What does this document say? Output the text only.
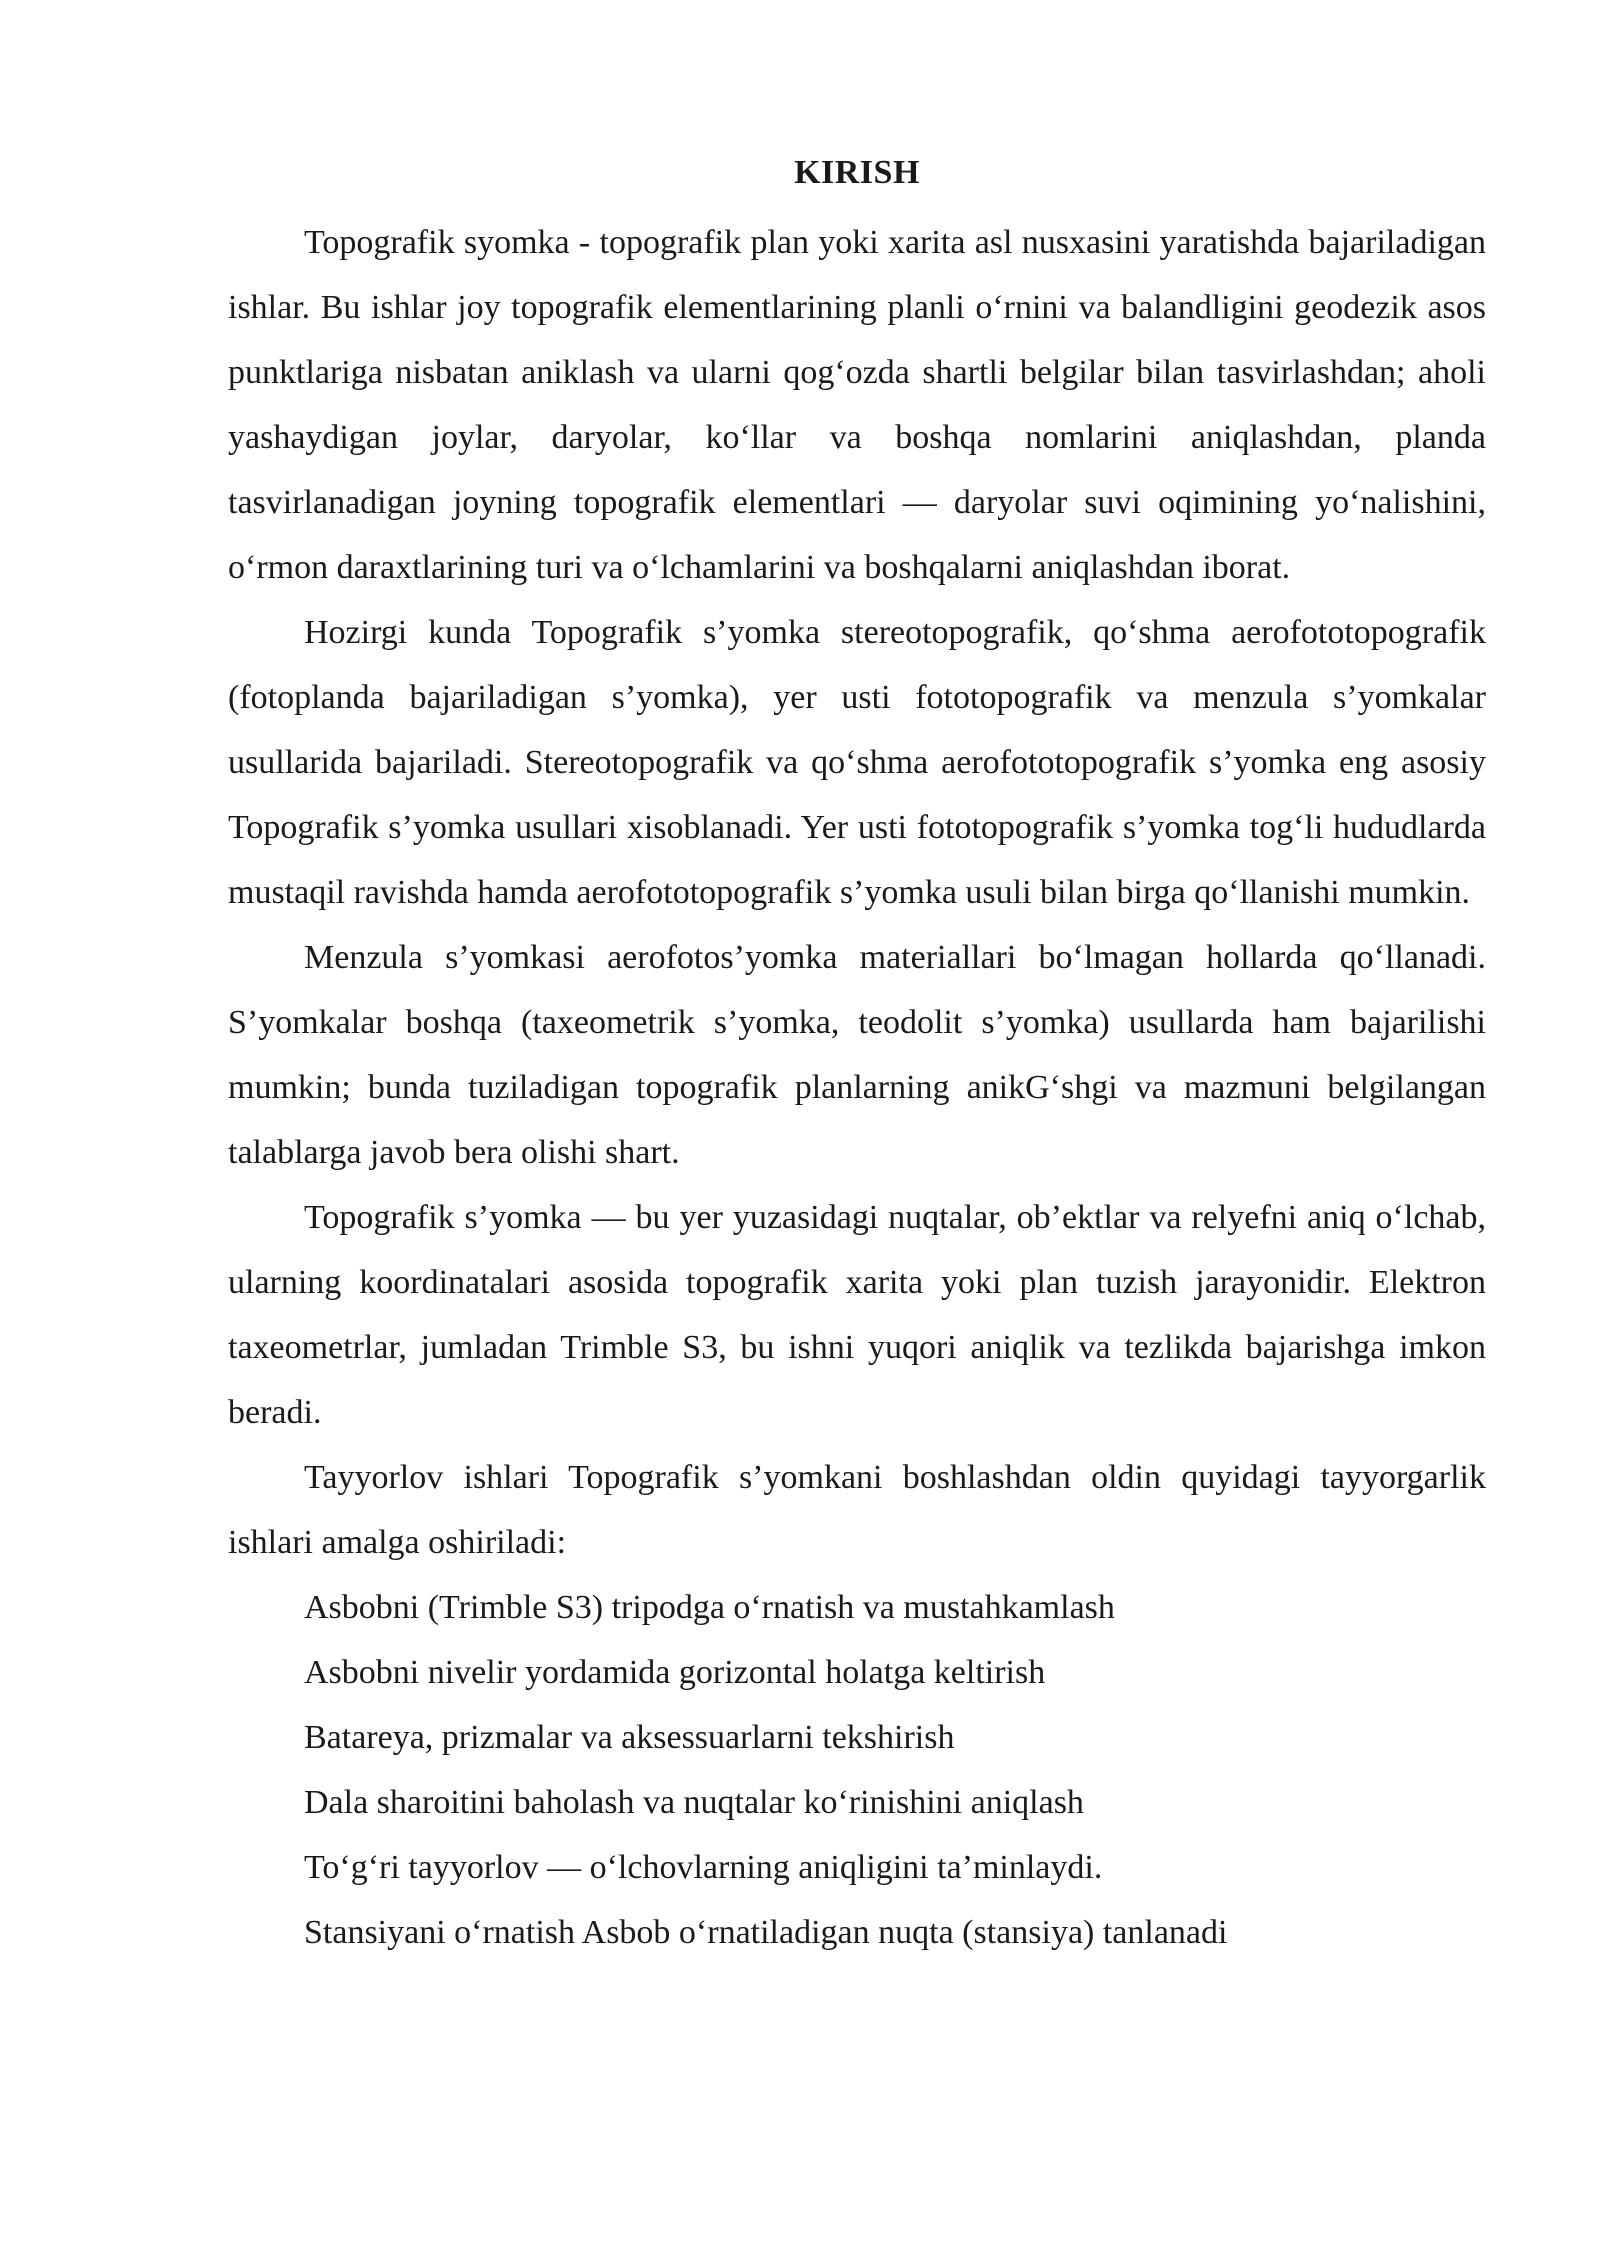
KIRISH

Topografik syomka - topografik plan yoki xarita asl nusxasini yaratishda bajariladigan ishlar. Bu ishlar joy topografik elementlarining planli o‘rnini va balandligini geodezik asos punktlariga nisbatan aniklash va ularni qog‘ozda shartli belgilar bilan tasvirlashdan; aholi yashaydigan joylar, daryolar, ko‘llar va boshqa nomlarini aniqlashdan, planda tasvirlanadigan joyning topografik elementlari — daryolar suvi oqimining yo‘nalishini, o‘rmon daraxtlarining turi va o‘lchamlarini va boshqalarni aniqlashdan iborat.

Hozirgi kunda Topografik s’yomka stereotopografik, qo‘shma aerofototopografik (fotoplanda bajariladigan s’yomka), yer usti fototopografik va menzula s’yomkalar usullarida bajariladi. Stereotopografik va qo‘shma aerofototopografik s’yomka eng asosiy Topografik s’yomka usullari xisoblanadi. Yer usti fototopografik s’yomka tog‘li hududlarda mustaqil ravishda hamda aerofototopografik s’yomka usuli bilan birga qo‘llanishi mumkin.

Menzula s’yomkasi aerofotos’yomka materiallari bo‘lmagan hollarda qo‘llanadi. S’yomkalar boshqa (taxeometrik s’yomka, teodolit s’yomka) usullarda ham bajarilishi mumkin; bunda tuziladigan topografik planlarning anikG‘shgi va mazmuni belgilangan talablarga javob bera olishi shart.

Topografik s’yomka — bu yer yuzasidagi nuqtalar, ob’ektlar va relyefni aniq o‘lchab, ularning koordinatalari asosida topografik xarita yoki plan tuzish jarayonidir. Elektron taxeometrlar, jumladan Trimble S3, bu ishni yuqori aniqlik va tezlikda bajarishga imkon beradi.

Tayyorlov ishlari Topografik s’yomkani boshlashdan oldin quyidagi tayyorgarlik ishlari amalga oshiriladi:

Asbobni (Trimble S3) tripodga o‘rnatish va mustahkamlash
Asbobni nivelir yordamida gorizontal holatga keltirish
Batareya, prizmalar va aksessuarlarni tekshirish
Dala sharoitini baholash va nuqtalar ko‘rinishini aniqlash
To‘g‘ri tayyorlov — o‘lchovlarning aniqligini ta’minlaydi.
Stansiyani o‘rnatish Asbob o‘rnatiladigan nuqta (stansiya) tanlanadi
